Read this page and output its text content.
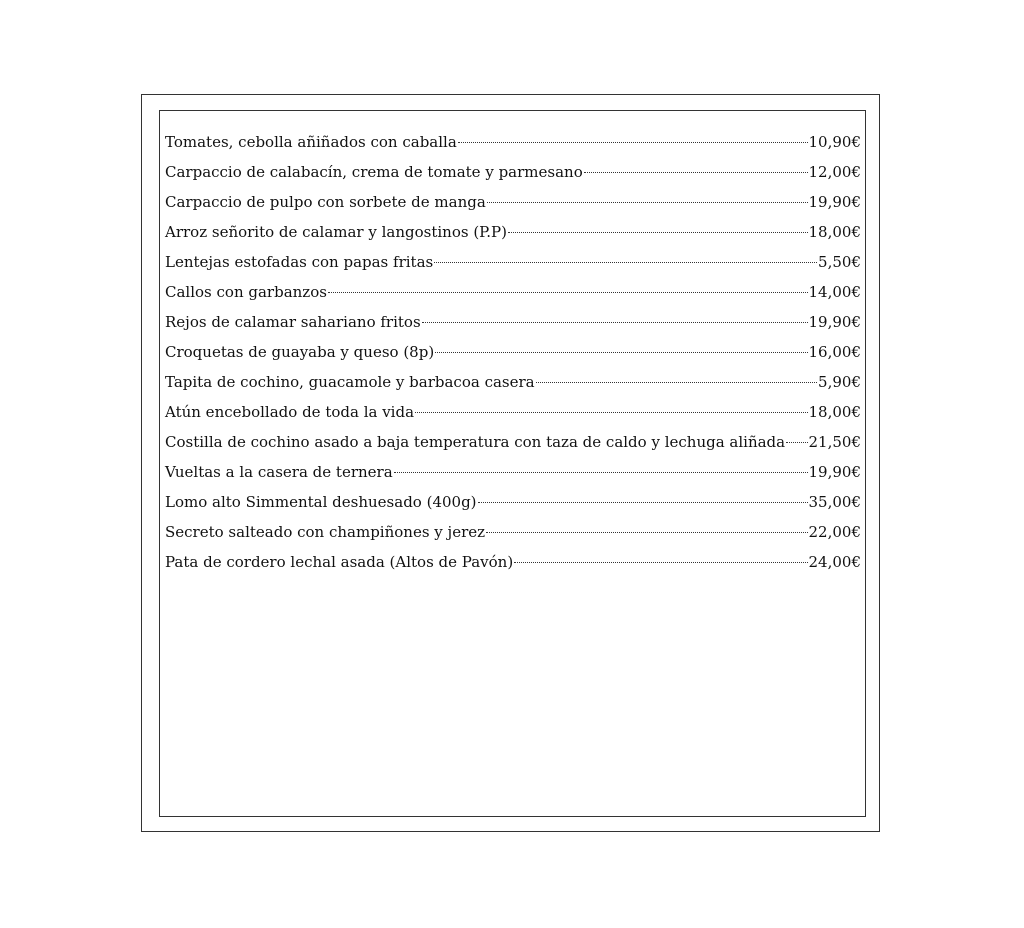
Tomates, cebolla añiñados con caballa	10,90€
Carpaccio de calabacín, crema de tomate y parmesano	12,00€
Carpaccio de pulpo con sorbete de manga	19,90€
Arroz señorito de calamar y langostinos (P.P)	18,00€
Lentejas estofadas con papas fritas	5,50€
Callos con garbanzos	14,00€
Rejos de calamar sahariano fritos	19,90€
Croquetas de guayaba y queso (8p)	16,00€
Tapita de cochino, guacamole y barbacoa casera	5,90€
Atún encebollado de toda la vida	18,00€
Costilla de cochino asado a baja temperatura con taza de caldo y lechuga aliñada 21,50€
Vueltas a la casera de ternera	19,90€
Lomo alto Simmental deshuesado (400g)	35,00€
Secreto salteado con champiñones y jerez	22,00€
Pata de cordero lechal asada (Altos de Pavón)	24,00€
